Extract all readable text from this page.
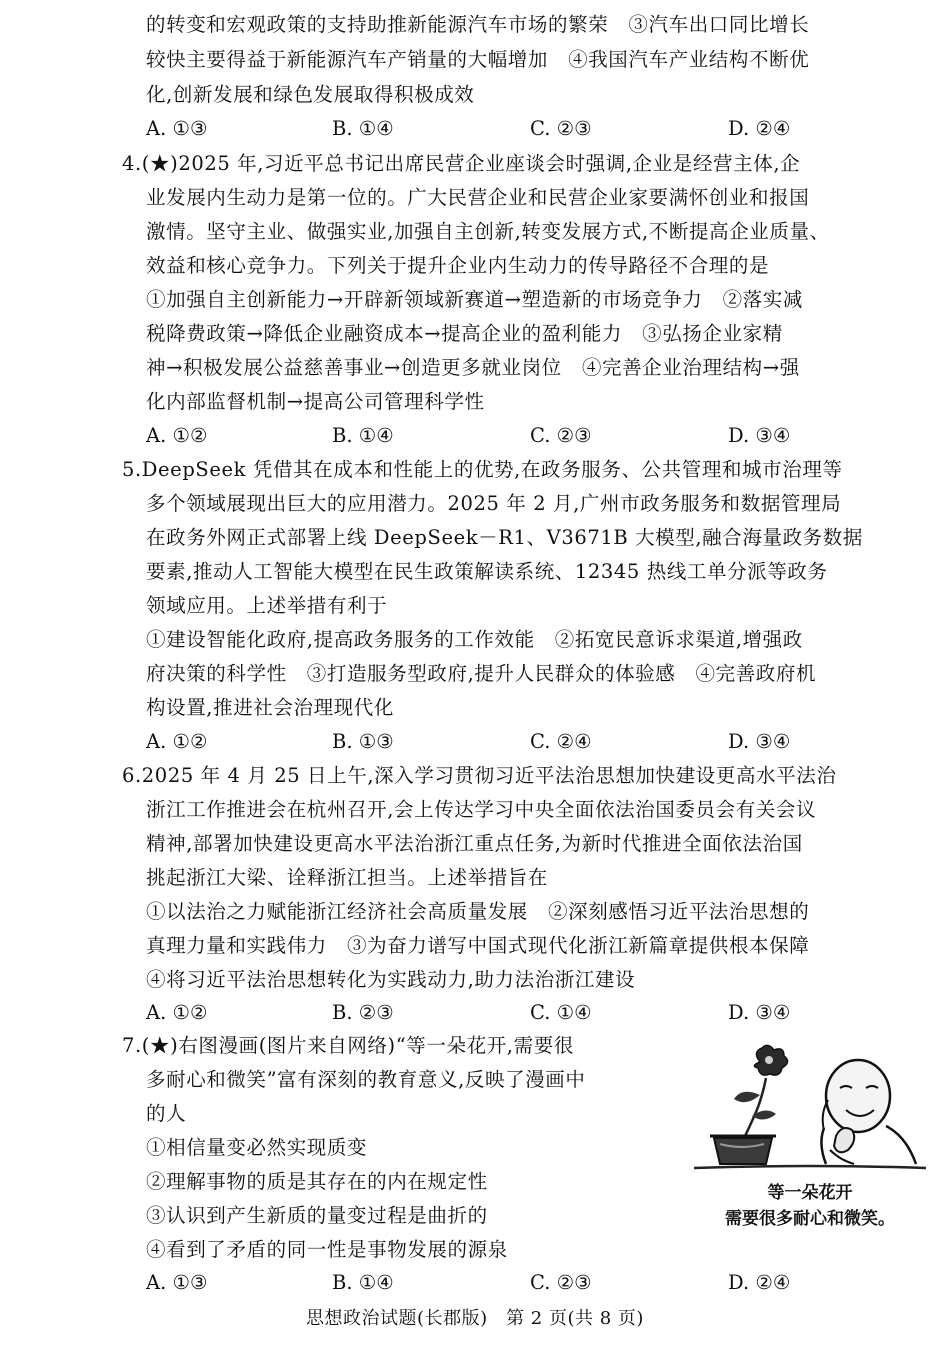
的转变和宏观政策的支持助推新能源汽车市场的繁荣　③汽车出口同比增长
较快主要得益于新能源汽车产销量的大幅增加　④我国汽车产业结构不断优
化,创新发展和绿色发展取得积极成效
A. ①③	B. ①④	C. ②③	D. ②④
4.(★)2025 年,习近平总书记出席民营企业座谈会时强调,企业是经营主体,企
业发展内生动力是第一位的。广大民营企业和民营企业家要满怀创业和报国
激情。坚守主业、做强实业,加强自主创新,转变发展方式,不断提高企业质量、
效益和核心竞争力。下列关于提升企业内生动力的传导路径不合理的是
①加强自主创新能力→开辟新领域新赛道→塑造新的市场竞争力　②落实减
税降费政策→降低企业融资成本→提高企业的盈利能力　③弘扬企业家精
神→积极发展公益慈善事业→创造更多就业岗位　④完善企业治理结构→强
化内部监督机制→提高公司管理科学性
A. ①②	B. ①④	C. ②③	D. ③④
5.DeepSeek 凭借其在成本和性能上的优势,在政务服务、公共管理和城市治理等
多个领域展现出巨大的应用潜力。2025 年 2 月,广州市政务服务和数据管理局
在政务外网正式部署上线 DeepSeek－R1、V3671B 大模型,融合海量政务数据
要素,推动人工智能大模型在民生政策解读系统、12345 热线工单分派等政务
领域应用。上述举措有利于
①建设智能化政府,提高政务服务的工作效能　②拓宽民意诉求渠道,增强政
府决策的科学性　③打造服务型政府,提升人民群众的体验感　④完善政府机
构设置,推进社会治理现代化
A. ①②	B. ①③	C. ②④	D. ③④
6.2025 年 4 月 25 日上午,深入学习贯彻习近平法治思想加快建设更高水平法治
浙江工作推进会在杭州召开,会上传达学习中央全面依法治国委员会有关会议
精神,部署加快建设更高水平法治浙江重点任务,为新时代推进全面依法治国
挑起浙江大梁、诠释浙江担当。上述举措旨在
①以法治之力赋能浙江经济社会高质量发展　②深刻感悟习近平法治思想的
真理力量和实践伟力　③为奋力谱写中国式现代化浙江新篇章提供根本保障
④将习近平法治思想转化为实践动力,助力法治浙江建设
A. ①②	B. ②③	C. ①④	D. ③④
7.(★)右图漫画(图片来自网络)“等一朵花开,需要很
多耐心和微笑”富有深刻的教育意义,反映了漫画中
的人
①相信量变必然实现质变
②理解事物的质是其存在的内在规定性
③认识到产生新质的量变过程是曲折的
④看到了矛盾的同一性是事物发展的源泉
A. ①③	B. ①④	C. ②③	D. ②④
等一朵花开
需要很多耐心和微笑。
思想政治试题(长郡版)　第 2 页(共 8 页)
